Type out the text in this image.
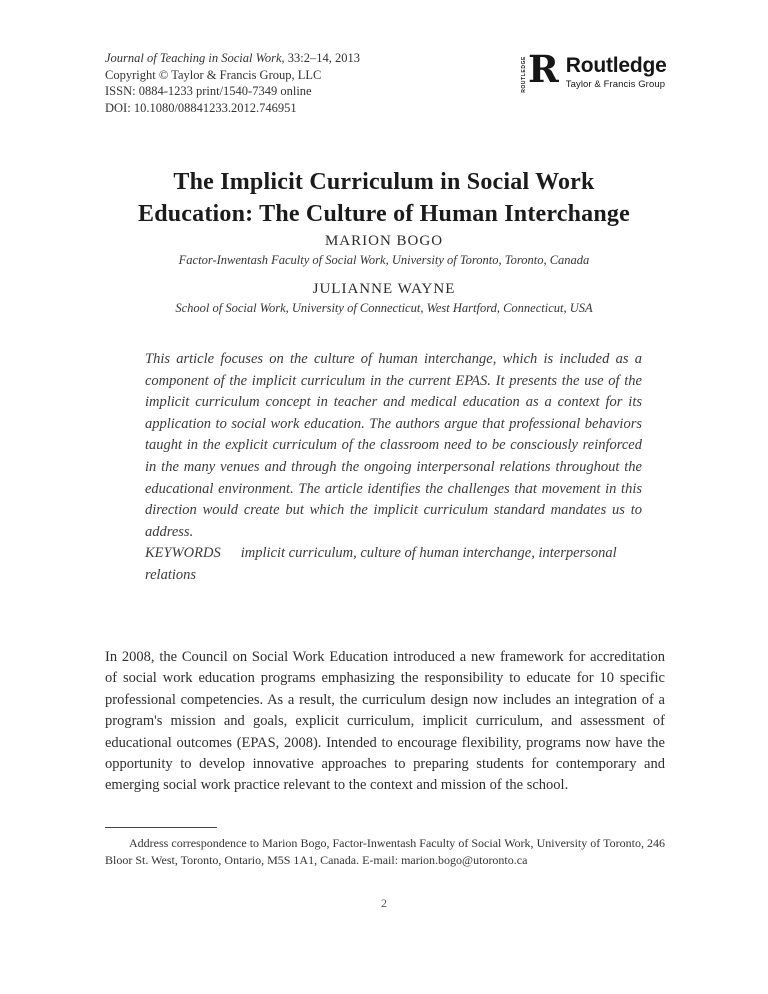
Journal of Teaching in Social Work, 33:2–14, 2013
Copyright © Taylor & Francis Group, LLC
ISSN: 0884-1233 print/1540-7349 online
DOI: 10.1080/08841233.2012.746951
ROUTLEDGE R Routledge
Taylor & Francis Group
The Implicit Curriculum in Social Work
Education: The Culture of Human Interchange
MARION BOGO
Factor-Inwentash Faculty of Social Work, University of Toronto, Toronto, Canada
JULIANNE WAYNE
School of Social Work, University of Connecticut, West Hartford, Connecticut, USA

This article focuses on the culture of human interchange, which is included as a component of the implicit curriculum in the current EPAS. It presents the use of the implicit curriculum concept in teacher and medical education as a context for its application to social work education. The authors argue that professional behaviors taught in the explicit curriculum of the classroom need to be consciously reinforced in the many venues and through the ongoing interpersonal relations throughout the educational environment. The article identifies the challenges that movement in this direction would create but which the implicit curriculum standard mandates us to address.

KEYWORDS implicit curriculum, culture of human interchange, interpersonal relations

In 2008, the Council on Social Work Education introduced a new framework for accreditation of social work education programs emphasizing the responsibility to educate for 10 specific professional competencies. As a result, the curriculum design now includes an integration of a program's mission and goals, explicit curriculum, implicit curriculum, and assessment of educational outcomes (EPAS, 2008). Intended to encourage flexibility, programs now have the opportunity to develop innovative approaches to preparing students for contemporary and emerging social work practice relevant to the context and mission of the school.
Address correspondence to Marion Bogo, Factor-Inwentash Faculty of Social Work, University of Toronto, 246 Bloor St. West, Toronto, Ontario, M5S 1A1, Canada. E-mail: marion.bogo@utoronto.ca
2
